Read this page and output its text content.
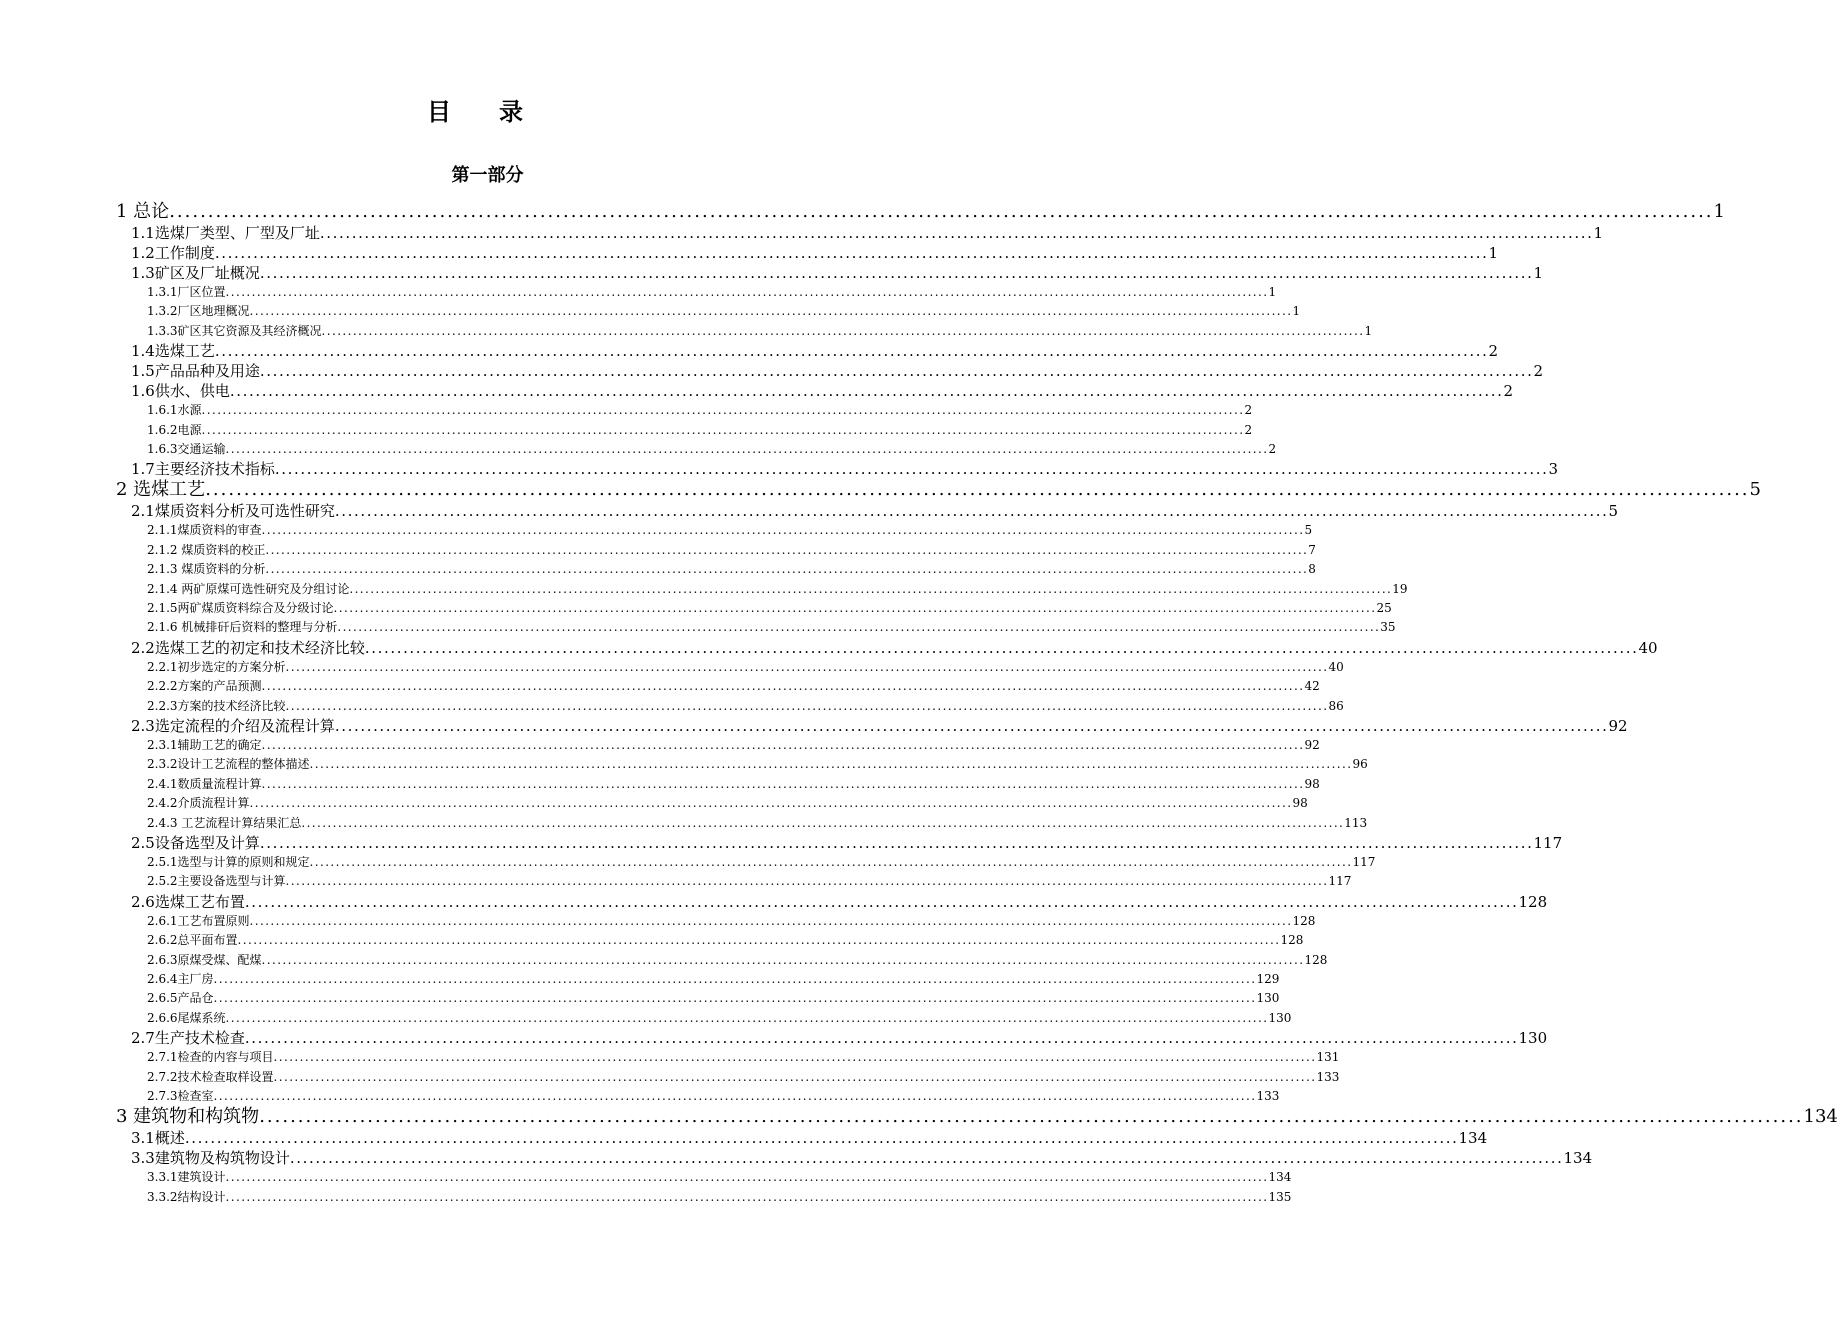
目　　录
第一部分
1 总论 ........................................................................................................................................................................................................ 1
1.1选煤厂类型、厂型及厂址 ........................................................................................................................................................................................................ 1
1.2工作制度 ........................................................................................................................................................................................................ 1
1.3矿区及厂址概况 ........................................................................................................................................................................................................ 1
1.3.1厂区位置 ........................................................................................................................................................................................................ 1
1.3.2厂区地理概况 ........................................................................................................................................................................................................ 1
1.3.3矿区其它资源及其经济概况 ........................................................................................................................................................................................................ 1
1.4选煤工艺 ........................................................................................................................................................................................................ 2
1.5产品品种及用途 ........................................................................................................................................................................................................ 2
1.6供水、供电 ........................................................................................................................................................................................................ 2
1.6.1水源 ........................................................................................................................................................................................................ 2
1.6.2电源 ........................................................................................................................................................................................................ 2
1.6.3交通运输 ........................................................................................................................................................................................................ 2
1.7主要经济技术指标 ........................................................................................................................................................................................................ 3
2 选煤工艺 ........................................................................................................................................................................................................ 5
2.1煤质资料分析及可选性研究 ........................................................................................................................................................................................................ 5
2.1.1煤质资料的审查 ........................................................................................................................................................................................................ 5
2.1.2 煤质资料的校正 ........................................................................................................................................................................................................ 7
2.1.3 煤质资料的分析 ........................................................................................................................................................................................................ 8
2.1.4 两矿原煤可选性研究及分组讨论 ........................................................................................................................................................................................................ 19
2.1.5两矿煤质资料综合及分级讨论 ........................................................................................................................................................................................................ 25
2.1.6 机械排矸后资料的整理与分析 ........................................................................................................................................................................................................ 35
2.2选煤工艺的初定和技术经济比较 ........................................................................................................................................................................................................ 40
2.2.1初步选定的方案分析 ........................................................................................................................................................................................................ 40
2.2.2方案的产品预测 ........................................................................................................................................................................................................ 42
2.2.3方案的技术经济比较 ........................................................................................................................................................................................................ 86
2.3选定流程的介绍及流程计算 ........................................................................................................................................................................................................ 92
2.3.1辅助工艺的确定 ........................................................................................................................................................................................................ 92
2.3.2设计工艺流程的整体描述 ........................................................................................................................................................................................................ 96
2.4.1数质量流程计算 ........................................................................................................................................................................................................ 98
2.4.2介质流程计算 ........................................................................................................................................................................................................ 98
2.4.3 工艺流程计算结果汇总 ........................................................................................................................................................................................................ 113
2.5设备选型及计算 ........................................................................................................................................................................................................ 117
2.5.1选型与计算的原则和规定 ........................................................................................................................................................................................................ 117
2.5.2主要设备选型与计算 ........................................................................................................................................................................................................ 117
2.6选煤工艺布置 ........................................................................................................................................................................................................ 128
2.6.1工艺布置原则 ........................................................................................................................................................................................................ 128
2.6.2总平面布置 ........................................................................................................................................................................................................ 128
2.6.3原煤受煤、配煤 ........................................................................................................................................................................................................ 128
2.6.4主厂房 ........................................................................................................................................................................................................ 129
2.6.5产品仓 ........................................................................................................................................................................................................ 130
2.6.6尾煤系统 ........................................................................................................................................................................................................ 130
2.7生产技术检查 ........................................................................................................................................................................................................ 130
2.7.1检查的内容与项目 ........................................................................................................................................................................................................ 131
2.7.2技术检查取样设置 ........................................................................................................................................................................................................ 133
2.7.3检查室 ........................................................................................................................................................................................................ 133
3 建筑物和构筑物 ........................................................................................................................................................................................................ 134
3.1概述 ........................................................................................................................................................................................................ 134
3.3建筑物及构筑物设计 ........................................................................................................................................................................................................ 134
3.3.1建筑设计 ........................................................................................................................................................................................................ 134
3.3.2结构设计 ........................................................................................................................................................................................................ 135
